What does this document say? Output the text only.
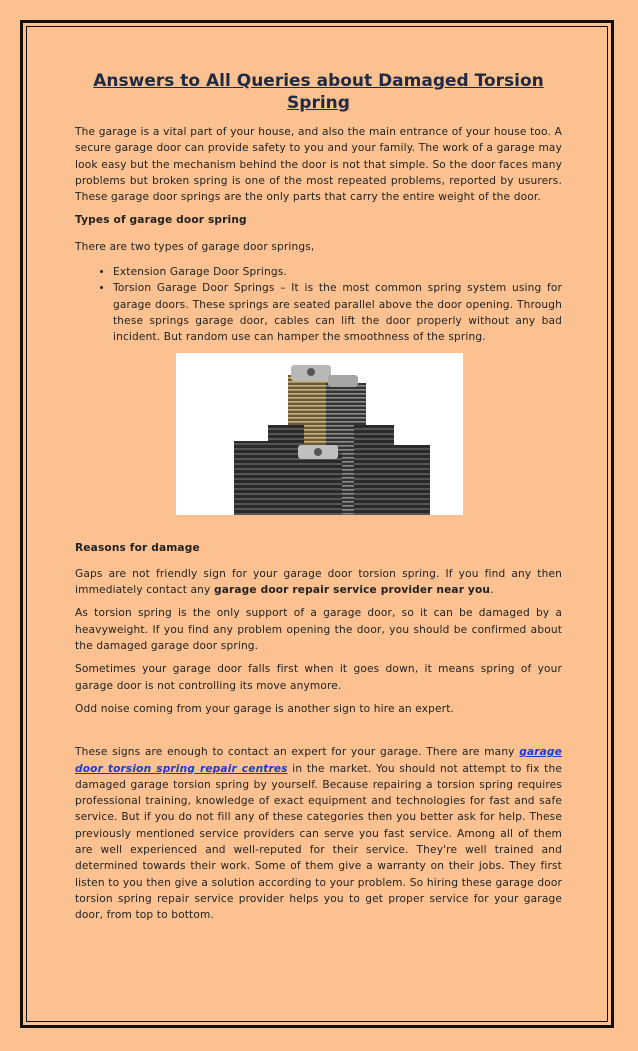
Answers to All Queries about Damaged Torsion Spring

The garage is a vital part of your house, and also the main entrance of your house too. A secure garage door can provide safety to you and your family. The work of a garage may look easy but the mechanism behind the door is not that simple. So the door faces many problems but broken spring is one of the most repeated problems, reported by usurers. These garage door springs are the only parts that carry the entire weight of the door.

Types of garage door spring

There are two types of garage door springs,

• Extension Garage Door Springs.
• Torsion Garage Door Springs – It is the most common spring system using for garage doors. These springs are seated parallel above the door opening. Through these springs garage door, cables can lift the door properly without any bad incident. But random use can hamper the smoothness of the spring.

Reasons for damage

Gaps are not friendly sign for your garage door torsion spring. If you find any then immediately contact any garage door repair service provider near you.

As torsion spring is the only support of a garage door, so it can be damaged by a heavyweight. If you find any problem opening the door, you should be confirmed about the damaged garage door spring.

Sometimes your garage door falls first when it goes down, it means spring of your garage door is not controlling its move anymore.

Odd noise coming from your garage is another sign to hire an expert.

These signs are enough to contact an expert for your garage. There are many garage door torsion spring repair centres in the market. You should not attempt to fix the damaged garage torsion spring by yourself. Because repairing a torsion spring requires professional training, knowledge of exact equipment and technologies for fast and safe service. But if you do not fill any of these categories then you better ask for help. These previously mentioned service providers can serve you fast service. Among all of them are well experienced and well-reputed for their service. They're well trained and determined towards their work. Some of them give a warranty on their jobs. They first listen to you then give a solution according to your problem. So hiring these garage door torsion spring repair service provider helps you to get proper service for your garage door, from top to bottom.
